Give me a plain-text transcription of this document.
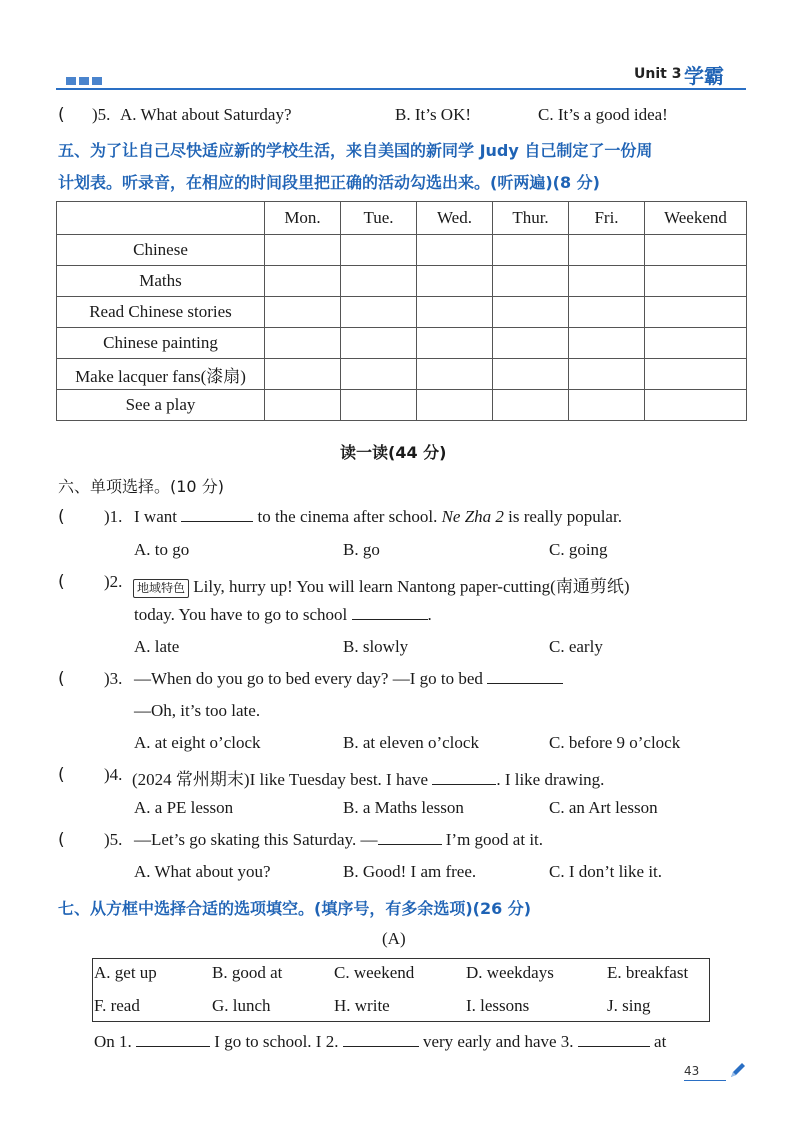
Unit 3 学霸
( )5. A. What about Saturday?	B. It’s OK!	C. It’s a good idea!
五、为了让自己尽快适应新的学校生活，来自美国的新同学 Judy 自己制定了一份周
计划表。听录音，在相应的时间段里把正确的活动勾选出来。(听两遍)(8 分)
	Mon.	Tue.	Wed.	Thur.	Fri.	Weekend
Chinese						
Maths						
Read Chinese stories						
Chinese painting						
Make lacquer fans(漆扇)						
See a play						
读一读(44 分)
六、单项选择。(10 分)
( )1. I want	to the cinema after school. Ne Zha 2 is really popular.
A. to go	B. go	C. going
( )2.	地域特色 Lily, hurry up! You will learn Nantong paper-cutting(南通剪纸)
today. You have to go to school	.
A. late	B. slowly	C. early
( )3. —When do you go to bed every day? —I go to bed
—Oh, it’s too late.
A. at eight o’clock	B. at eleven o’clock	C. before 9 o’clock
( )4. (2024 常州期末)I like Tuesday best. I have	. I like drawing.
A. a PE lesson	B. a Maths lesson	C. an Art lesson
( )5. —Let’s go skating this Saturday. —	I’m good at it.
A. What about you?	B. Good! I am free.	C. I don’t like it.
七、从方框中选择合适的选项填空。(填序号，有多余选项)(26 分)
(A)
A. get up	B. good at	C. weekend	D. weekdays	E. breakfast
F. read	G. lunch	H. write	I. lessons	J. sing
On 1.	I go to school. I 2.	very early and have 3.	at
43
